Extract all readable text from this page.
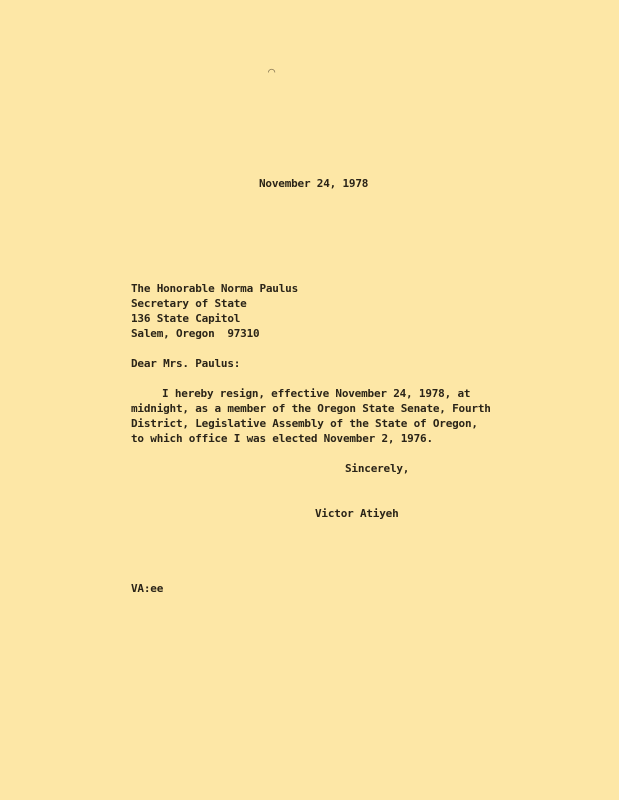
⌒
November 24, 1978
The Honorable Norma Paulus
Secretary of State
136 State Capitol
Salem, Oregon  97310
Dear Mrs. Paulus:
I hereby resign, effective November 24, 1978, at
midnight, as a member of the Oregon State Senate, Fourth
District, Legislative Assembly of the State of Oregon,
to which office I was elected November 2, 1976.
Sincerely,
Victor Atiyeh
VA:ee
